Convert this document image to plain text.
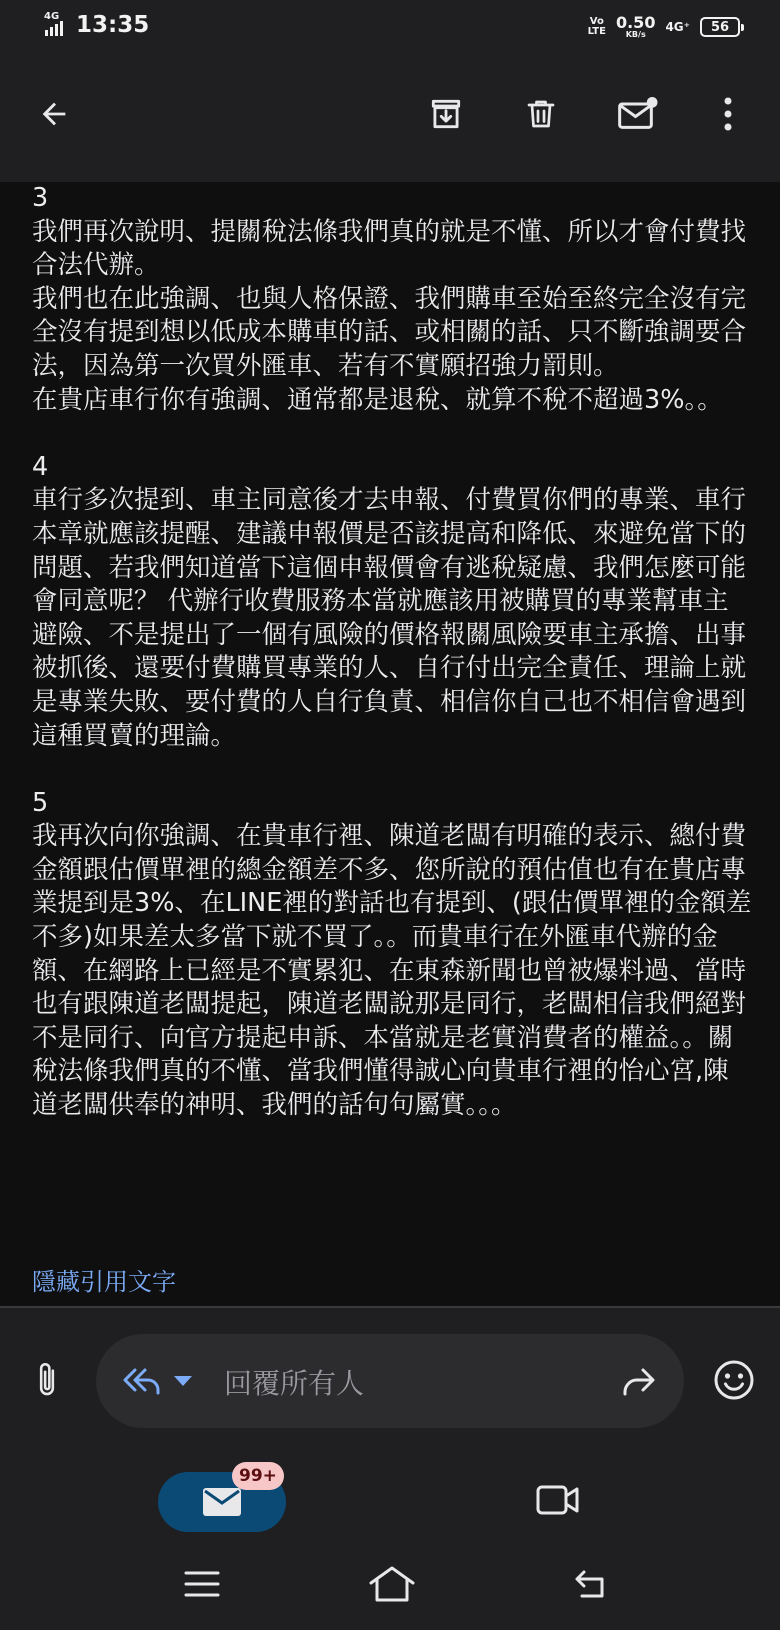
4G 13:35	Vo
LTE 0.50
KB/s	4G⁺	56

3

我們再次說明、提關稅法條我們真的就是不懂、所以才會付費找合法代辦。

我們也在此強調、也與人格保證、我們購車至始至終完全沒有完全沒有提到想以低成本購車的話、或相關的話、只不斷強調要合法，因為第一次買外匯車、若有不實願招強力罰則。

在貴店車行你有強調、通常都是退稅、就算不稅不超過3%。。

4

車行多次提到、車主同意後才去申報、付費買你們的專業、車行本章就應該提醒、建議申報價是否該提高和降低、來避免當下的問題、若我們知道當下這個申報價會有逃稅疑慮、我們怎麼可能會同意呢？ 代辦行收費服務本當就應該用被購買的專業幫車主避險、不是提出了一個有風險的價格報關風險要車主承擔、出事被抓後、還要付費購買專業的人、自行付出完全責任、理論上就是專業失敗、要付費的人自行負責、相信你自己也不相信會遇到這種買賣的理論。

5

我再次向你強調、在貴車行裡、陳道老闆有明確的表示、總付費金額跟估價單裡的總金額差不多、您所說的預估值也有在貴店專業提到是3%、在LINE裡的對話也有提到、(跟估價單裡的金額差不多)如果差太多當下就不買了。。而貴車行在外匯車代辦的金額、在網路上已經是不實累犯、在東森新聞也曾被爆料過、當時也有跟陳道老闆提起，陳道老闆說那是同行，老闆相信我們絕對不是同行、向官方提起申訴、本當就是老實消費者的權益。。關稅法條我們真的不懂、當我們懂得誠心向貴車行裡的怡心宮,陳道老闆供奉的神明、我們的話句句屬實。。。

隱藏引用文字
回覆所有人
99+
